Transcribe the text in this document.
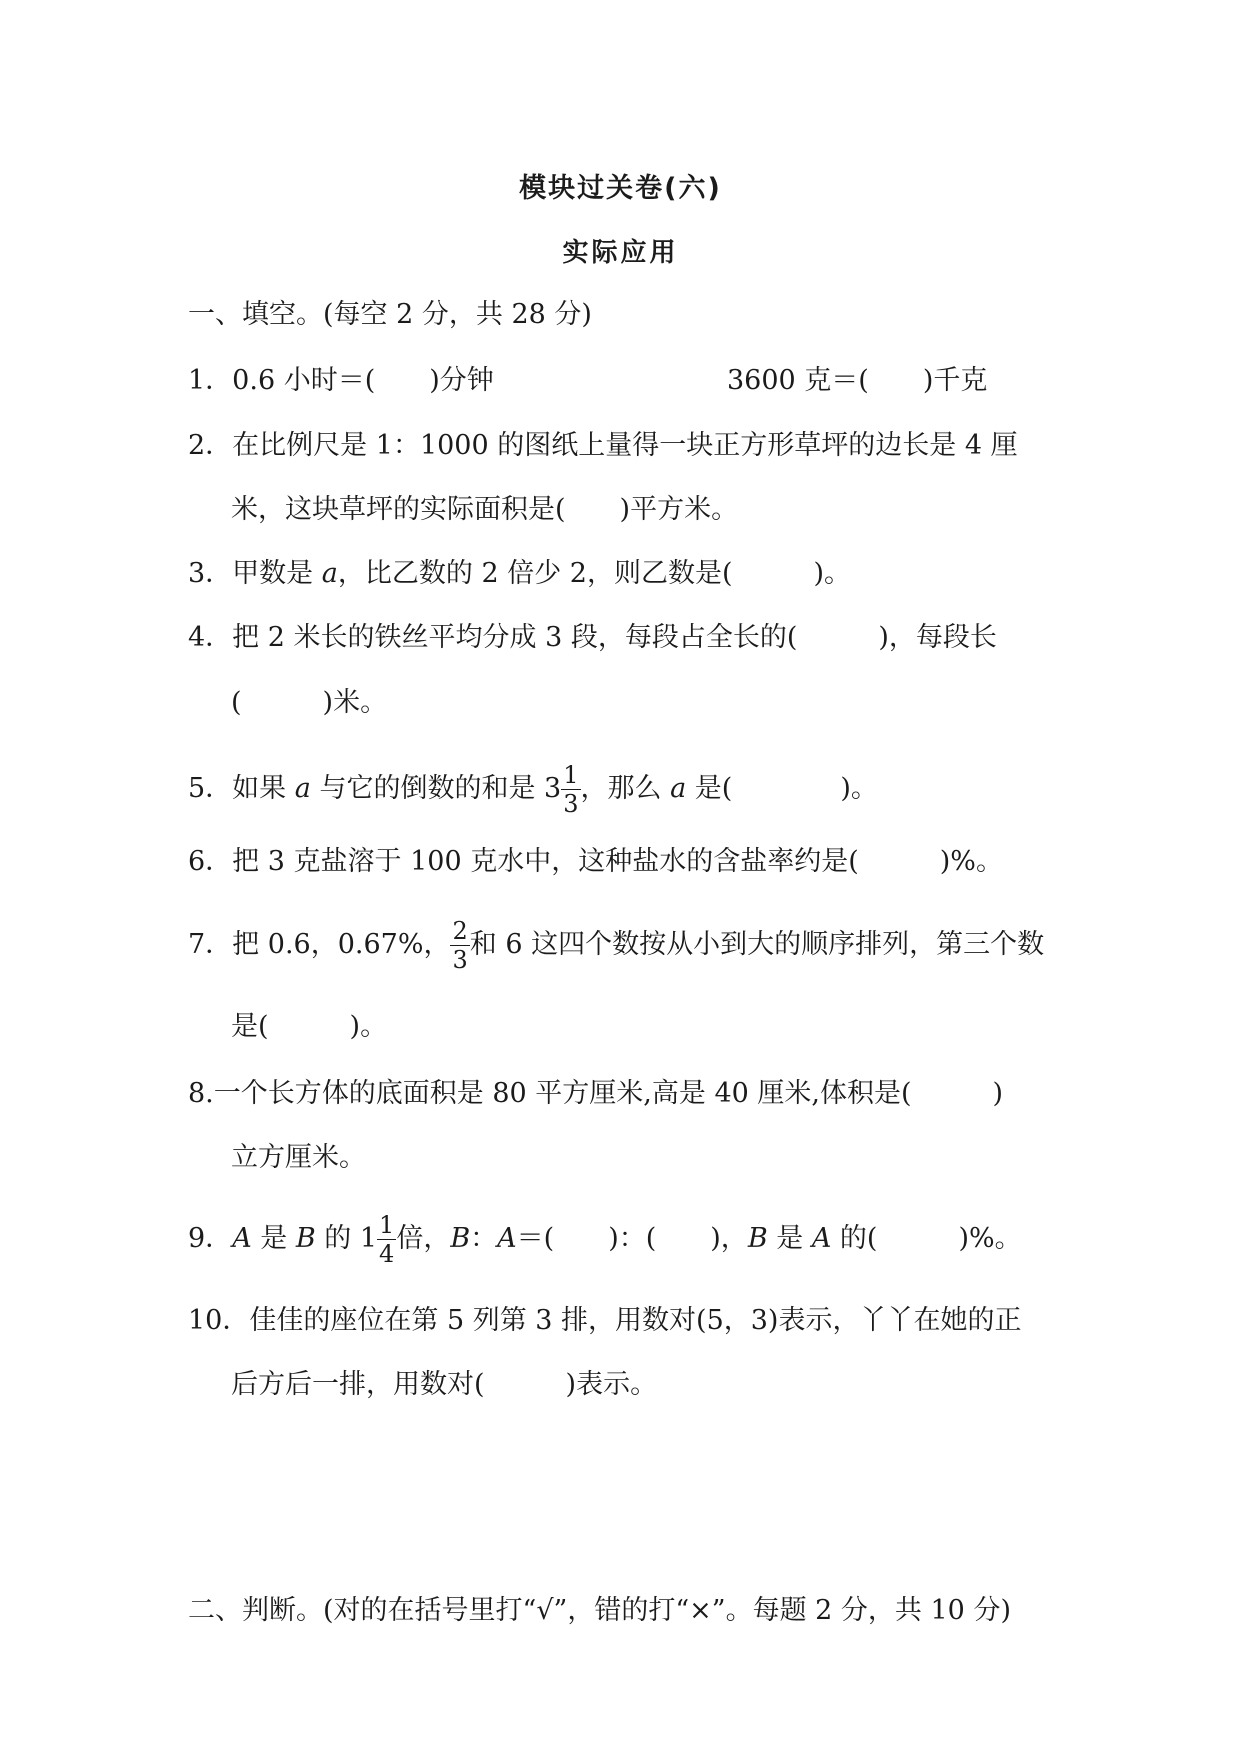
模块过关卷(六)
实际应用
一、填空。(每空 2 分，共 28 分)
1．0.6 小时＝(　　)分钟	3600 克＝(　　)千克
2．在比例尺是 1：1000 的图纸上量得一块正方形草坪的边长是 4 厘
米，这块草坪的实际面积是(　　)平方米。
3．甲数是 a，比乙数的 2 倍少 2，则乙数是(　　　)。
4．把 2 米长的铁丝平均分成 3 段，每段占全长的(　　　)，每段长
(　　　)米。
5．如果 a 与它的倒数的和是 $3 \frac{1}{3}$ ，那么 a 是(　　　　)。
6．把 3 克盐溶于 100 克水中，这种盐水的含盐率约是(　　　)%。
7．把 0.6，0.67%， $\frac{2}{3}$ 和 6 这四个数按从小到大的顺序排列，第三个数
是(　　　)。
8.一个长方体的底面积是 80 平方厘米,高是 40 厘米,体积是(　　　)
立方厘米。
9．A 是 B 的 $1 \frac{1}{4}$ 倍，B：A＝(　　)：(　　)，B 是 A 的(　　　)%。
10．佳佳的座位在第 5 列第 3 排，用数对(5，3)表示，丫丫在她的正
后方后一排，用数对(　　　)表示。
二、判断。(对的在括号里打“√”，错的打“×”。每题 2 分，共 10 分)
